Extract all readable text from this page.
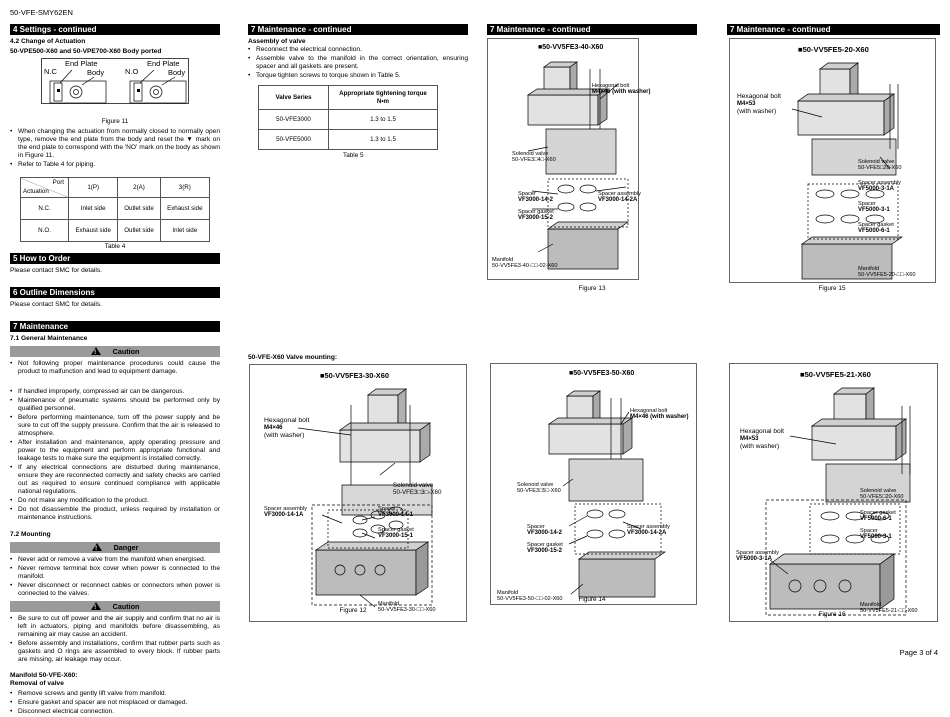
50-VFE-SMY62EN
4 Settings - continued
4.2 Change of Actuation
50-VPE500-X60 and 50-VPE700-X60 Body ported
N.C
End Plate
Body	N.O
End Plate
Body
Figure 11
• When changing the actuation from normally closed to normally open type, remove the end plate from the body and reset the ▼ mark on the end plate to correspond with the 'NO' mark on the body as shown in Figure 11.
• Refer to Table 4 for piping.
Port
Actuation	1(P)	2(A)	3(R)
N.C.	Inlet side	Outlet side	Exhaust side
N.O.	Exhaust side	Outlet side	Inlet side
Table 4
5 How to Order
Please contact SMC for details.
6 Outline Dimensions
Please contact SMC for details.
7 Maintenance
7.1 General Maintenance
!Caution
• Not following proper maintenance procedures could cause the product to malfunction and lead to equipment damage.
• If handled improperly, compressed air can be dangerous.
• Maintenance of pneumatic systems should be performed only by qualified personnel.
• Before performing maintenance, turn off the power supply and be sure to cut off the supply pressure. Confirm that the air is released to atmosphere.
• After installation and maintenance, apply operating pressure and power to the equipment and perform appropriate functional and leakage tests to make sure the equipment is installed correctly.
• If any electrical connections are disturbed during maintenance, ensure they are reconnected correctly and safety checks are carried out as required to ensure continued compliance with applicable national regulations.
• Do not make any modification to the product.
• Do not disassemble the product, unless required by installation or maintenance instructions.
7.2 Mounting
!Danger
• Never add or remove a valve from the manifold when energised.
• Never remove terminal box cover when power is connected to the manifold.
• Never disconnect or reconnect cables or connectors when power is connected to the valves.
!Caution
• Be sure to cut off power and the air supply and confirm that no air is left in actuators, piping and manifolds before disassembling, as remaining air may cause an accident.
• Before assembly and installations, confirm that rubber parts such as gaskets and O rings are assembled to every block. If rubber parts are missing, air leakage may occur.
Manifold 50-VFE-X60:
Removal of valve
• Remove screws and gently lift valve from manifold.
• Ensure gasket and spacer are not misplaced or damaged.
• Disconnect electrical connection.
7 Maintenance - continued
Assembly of valve
• Reconnect the electrical connection.
• Assemble valve to the manifold in the correct orientation, ensuring spacer and all gaskets are present.
• Torque tighten screws to torque shown in Table 5.
Valve Series	Appropriate tightening torque
N•m
50-VFE3000	1.3 to 1.5
50-VFE5000	1.3 to 1.5
Table 5
50-VFE-X60 Valve mounting:
■50-VV5FE3-30-X60
Hexagonal bolt
M4×46
(with washer)
Solenoid valve
50-VFE3□3□-X60
Spacer assembly
VF3000-14-1A
Spacer
VF3000-14-1
Spacer gasket
VF3000-15-1
Manifold
50-VV5FE3-30-□□-X60
Figure 12
7 Maintenance - continued
■50-VV5FE3-40-X60
Hexagonal bolt
M4×46 (with washer)
Solenoid valve
50-VFE3□4□-X60
Spacer
VF3000-14-2
Spacer assembly
VF3000-14-2A
Spacer gasket
VF3000-15-2
Manifold
50-VV5FE3-40-□□-02-X60
Figure 13
■50-VV5FE3-50-X60
Hexagonal bolt
M4×46 (with washer)
Solenoid valve
50-VFE3□5□-X60
Spacer
VF3000-14-2
Spacer assembly
VF3000-14-2A
Spacer gasket
VF3000-15-2
Manifold
50-VV5FE3-50-□□-02-X60	Figure 14
7 Maintenance - continued
■50-VV5FE5-20-X60
Hexagonal bolt
M4×53
(with washer)
Solenoid valve
50-VFE5□20-X60
Spacer assembly
VF5000-3-1A
Spacer
VF5000-3-1
Spacer gasket
VF5000-6-1
Manifold
50-VV5FE5-20-□□-X60
Figure 15
■50-VV5FE5-21-X60
Hexagonal bolt
M4×53
(with washer)
Solenoid valve
50-VFE5□20-X60
Spacer gasket
VF5000-6-1
Spacer
VF5000-3-1
Spacer assembly
VF5000-3-1A
Manifold
50-VV5FE5-21-□□-X60
Figure 16
Page 3 of 4
